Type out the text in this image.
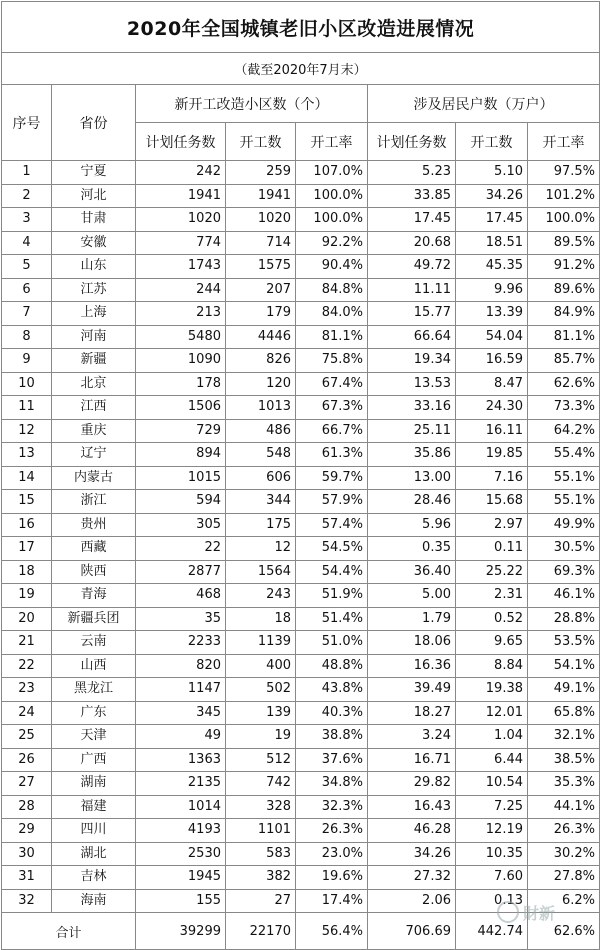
2020年全国城镇老旧小区改造进展情况							
（截至2020年7月末）							
序号	省份	新开工改造小区数（个）			涉及居民户数（万户）		
		计划任务数	开工数	开工率	计划任务数	开工数	开工率
1	宁夏	242	259	107.0%	5.23	5.10	97.5%
2	河北	1941	1941	100.0%	33.85	34.26	101.2%
3	甘肃	1020	1020	100.0%	17.45	17.45	100.0%
4	安徽	774	714	92.2%	20.68	18.51	89.5%
5	山东	1743	1575	90.4%	49.72	45.35	91.2%
6	江苏	244	207	84.8%	11.11	9.96	89.6%
7	上海	213	179	84.0%	15.77	13.39	84.9%
8	河南	5480	4446	81.1%	66.64	54.04	81.1%
9	新疆	1090	826	75.8%	19.34	16.59	85.7%
10	北京	178	120	67.4%	13.53	8.47	62.6%
11	江西	1506	1013	67.3%	33.16	24.30	73.3%
12	重庆	729	486	66.7%	25.11	16.11	64.2%
13	辽宁	894	548	61.3%	35.86	19.85	55.4%
14	内蒙古	1015	606	59.7%	13.00	7.16	55.1%
15	浙江	594	344	57.9%	28.46	15.68	55.1%
16	贵州	305	175	57.4%	5.96	2.97	49.9%
17	西藏	22	12	54.5%	0.35	0.11	30.5%
18	陕西	2877	1564	54.4%	36.40	25.22	69.3%
19	青海	468	243	51.9%	5.00	2.31	46.1%
20	新疆兵团	35	18	51.4%	1.79	0.52	28.8%
21	云南	2233	1139	51.0%	18.06	9.65	53.5%
22	山西	820	400	48.8%	16.36	8.84	54.1%
23	黑龙江	1147	502	43.8%	39.49	19.38	49.1%
24	广东	345	139	40.3%	18.27	12.01	65.8%
25	天津	49	19	38.8%	3.24	1.04	32.1%
26	广西	1363	512	37.6%	16.71	6.44	38.5%
27	湖南	2135	742	34.8%	29.82	10.54	35.3%
28	福建	1014	328	32.3%	16.43	7.25	44.1%
29	四川	4193	1101	26.3%	46.28	12.19	26.3%
30	湖北	2530	583	23.0%	34.26	10.35	30.2%
31	吉林	1945	382	19.6%	27.32	7.60	27.8%
32	海南	155	27	17.4%	2.06	0.13	6.2%
合计		39299	22170	56.4%	706.69	442.74	62.6%
財新
